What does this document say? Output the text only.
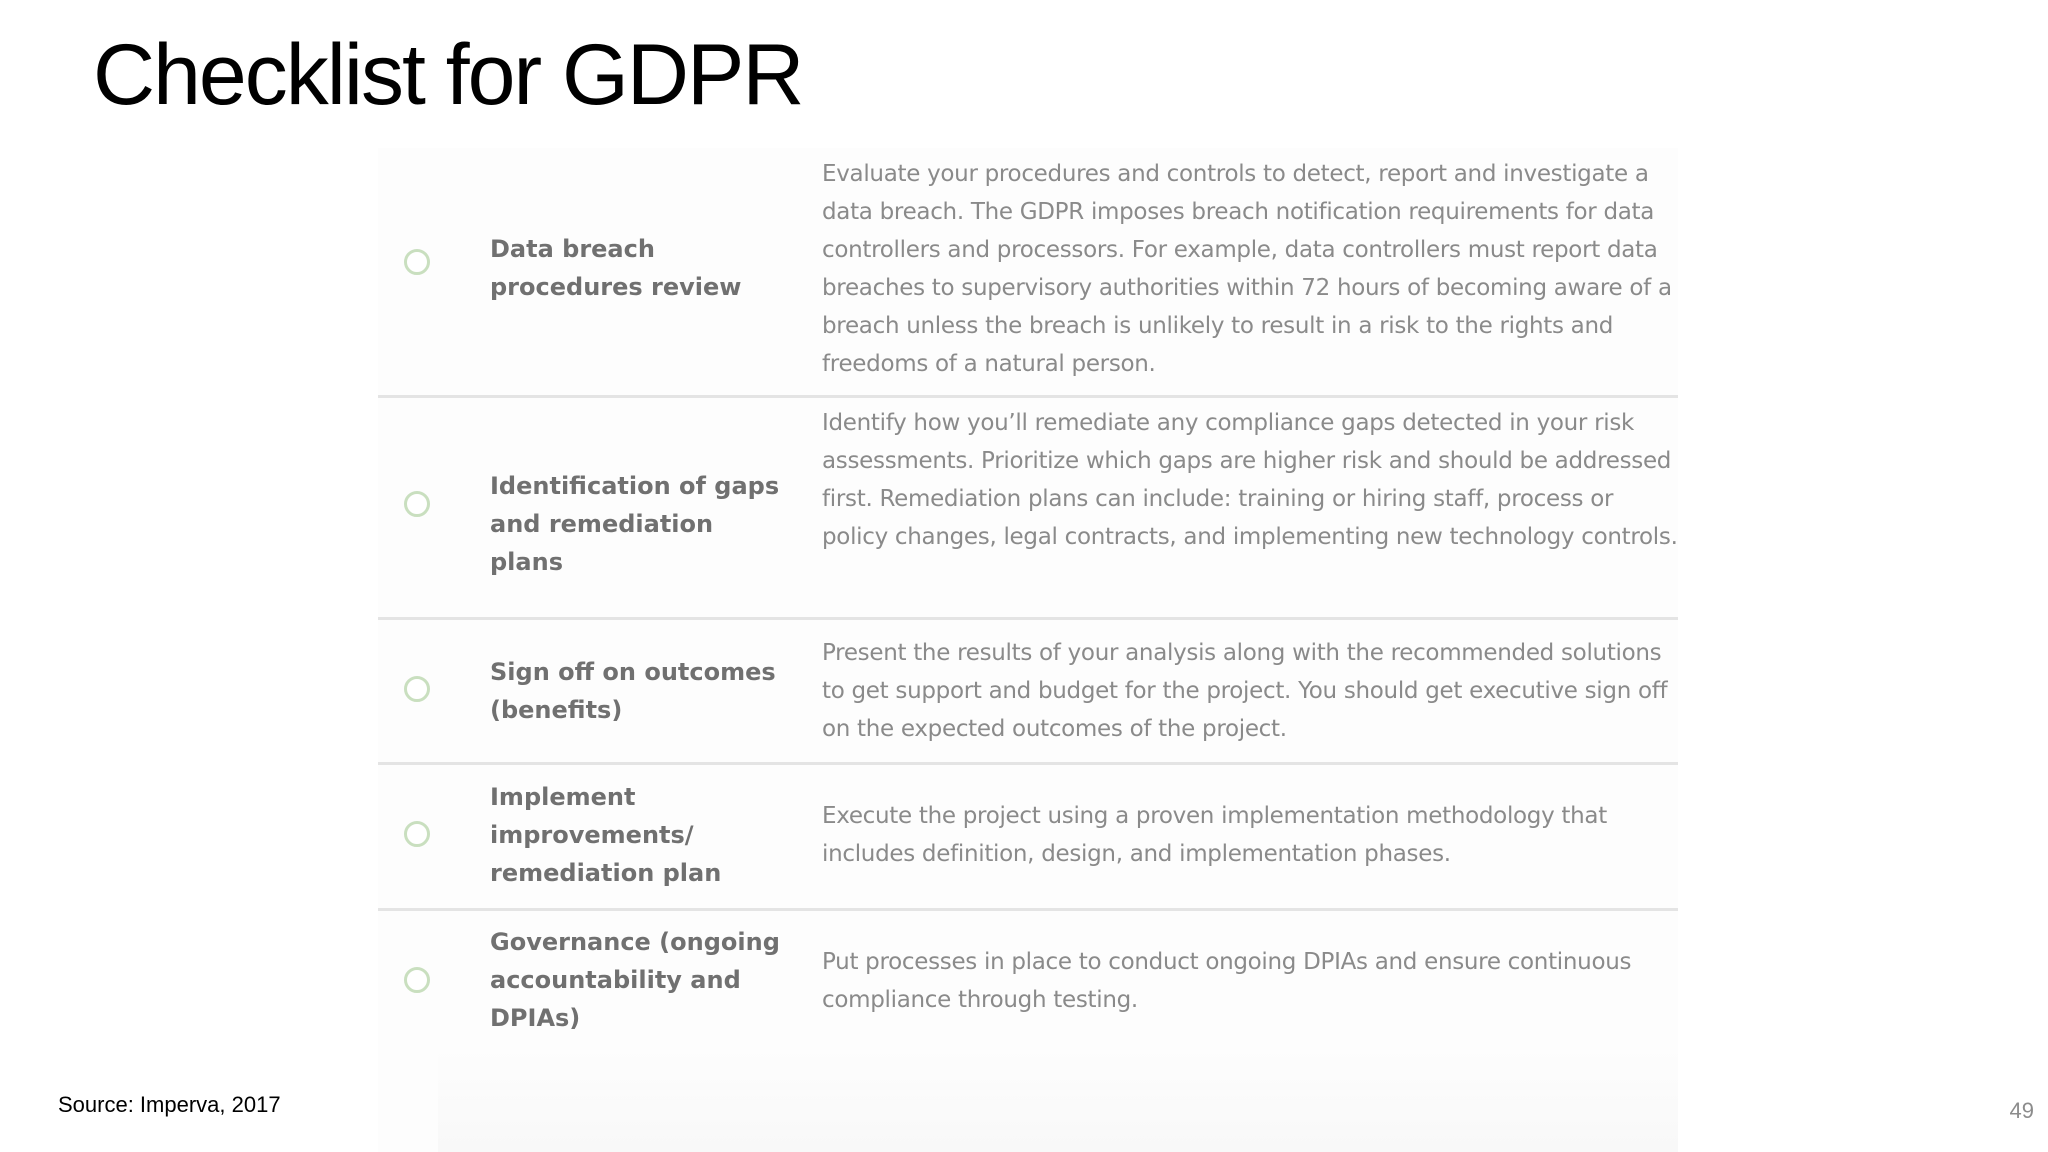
Checklist for GDPR
Data breach procedures review
Evaluate your procedures and controls to detect, report and investigate a data breach. The GDPR imposes breach notification requirements for data controllers and processors. For example, data controllers must report data breaches to supervisory authorities within 72 hours of becoming aware of a breach unless the breach is unlikely to result in a risk to the rights and freedoms of a natural person.
Identification of gaps and remediation plans
Identify how you’ll remediate any compliance gaps detected in your risk assessments. Prioritize which gaps are higher risk and should be addressed first. Remediation plans can include: training or hiring staff, process or policy changes, legal contracts, and implementing new technology controls.
Sign off on outcomes (benefits)
Present the results of your analysis along with the recommended solutions to get support and budget for the project. You should get executive sign off on the expected outcomes of the project.
Implement improvements/ remediation plan
Execute the project using a proven implementation methodology that includes definition, design, and implementation phases.
Governance (ongoing accountability and DPIAs)
Put processes in place to conduct ongoing DPIAs and ensure continuous compliance through testing.
Source: Imperva, 2017	49
